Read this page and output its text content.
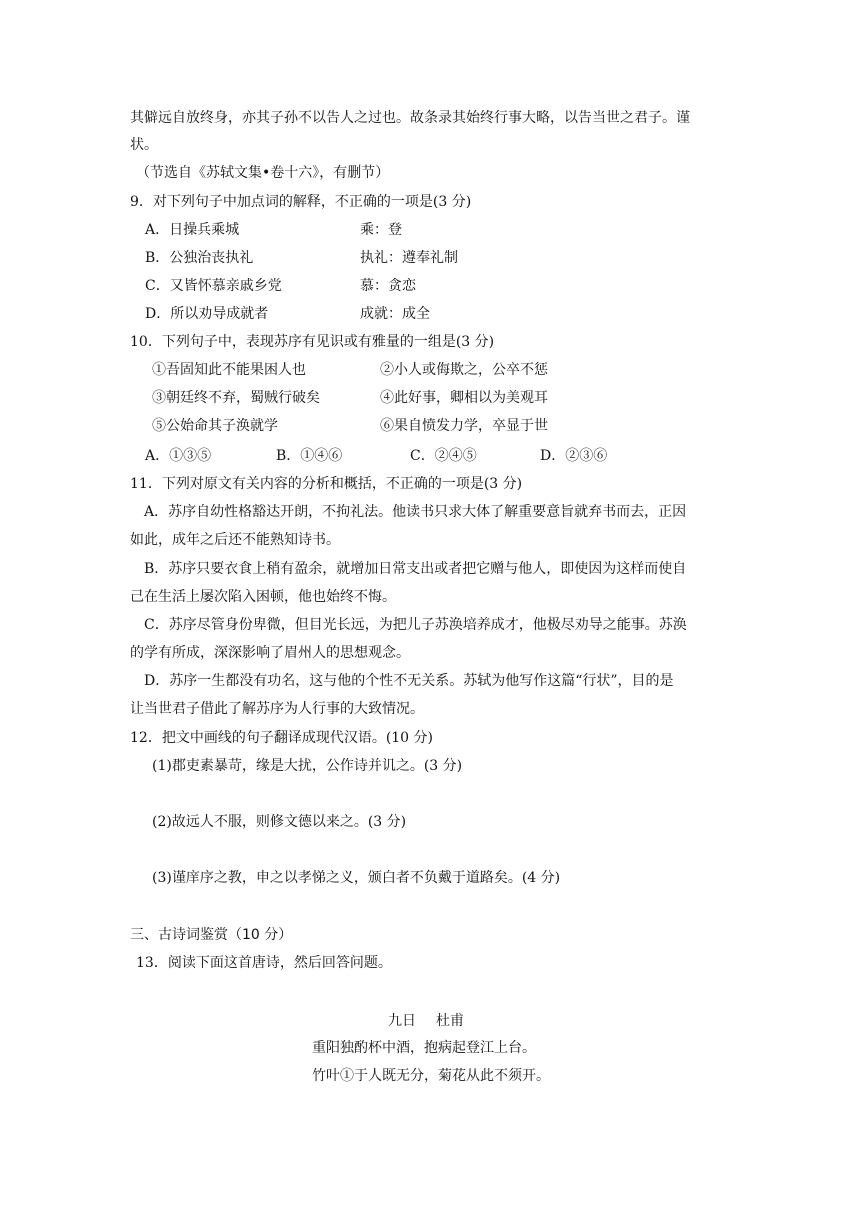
其僻远自放终身，亦其子孙不以告人之过也。故条录其始终行事大略，以告当世之君子。谨
状。
（节选自《苏轼文集•卷十六》，有删节）
9．对下列句子中加点词的解释，不正确的一项是(3 分)
A．日操兵乘城	乘：登
B．公独治丧执礼	执礼：遵奉礼制
C．又皆怀慕亲戚乡党	慕：贪恋
D．所以劝导成就者	成就：成全
10．下列句子中，表现苏序有见识或有雅量的一组是(3 分)
①吾固知此不能果困人也	②小人或侮欺之，公卒不惩
③朝廷终不弃，蜀贼行破矣	④此好事，卿相以为美观耳
⑤公始命其子涣就学	⑥果自愤发力学，卒显于世
A．①③⑤	B．①④⑥	C．②④⑤	D．②③⑥
11．下列对原文有关内容的分析和概括，不正确的一项是(3 分)
A．苏序自幼性格豁达开朗，不拘礼法。他读书只求大体了解重要意旨就弃书而去，正因
如此，成年之后还不能熟知诗书。
B．苏序只要衣食上稍有盈余，就增加日常支出或者把它赠与他人，即使因为这样而使自
己在生活上屡次陷入困顿，他也始终不悔。
C．苏序尽管身份卑微，但目光长远，为把儿子苏涣培养成才，他极尽劝导之能事。苏涣
的学有所成，深深影响了眉州人的思想观念。
D．苏序一生都没有功名，这与他的个性不无关系。苏轼为他写作这篇“行状”，目的是
让当世君子借此了解苏序为人行事的大致情况。
12．把文中画线的句子翻译成现代汉语。(10 分)
(1)郡吏素暴苛，缘是大扰，公作诗并讥之。(3 分)
(2)故远人不服，则修文德以来之。(3 分)
(3)谨庠序之教，申之以孝悌之义，颁白者不负戴于道路矣。(4 分)
三、古诗词鉴赏（10 分）
13．阅读下面这首唐诗，然后回答问题。
九日 杜甫
重阳独酌杯中酒，抱病起登江上台。
竹叶①于人既无分，菊花从此不须开。
